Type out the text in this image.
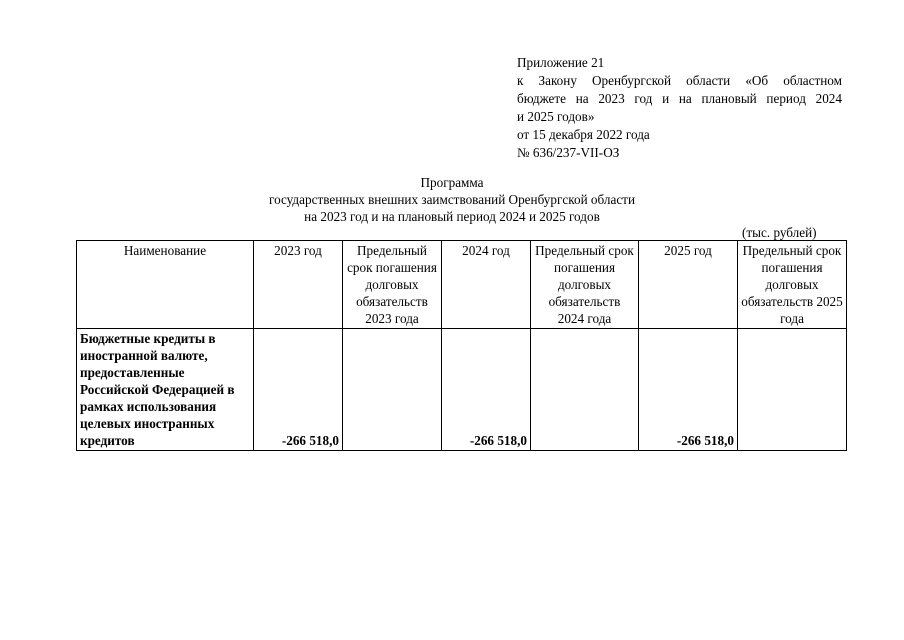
Приложение 21
к Закону Оренбургской области «Об областном
бюджете на 2023 год и на плановый период 2024
и 2025 годов»
от 15 декабря 2022 года
№ 636/237-VII-ОЗ
Программа
государственных внешних заимствований Оренбургской области
на 2023 год и на плановый период 2024 и 2025 годов
(тыс. рублей)
Наименование	2023 год	Предельный срок погашения долговых обязательств 2023 года	2024 год	Предельный срок погашения долговых обязательств 2024 года	2025 год	Предельный срок погашения долговых обязательств 2025 года
Бюджетные кредиты в иностранной валюте, предоставленные Российской Федерацией в рамках использования целевых иностранных кредитов	-266 518,0		-266 518,0		-266 518,0	
